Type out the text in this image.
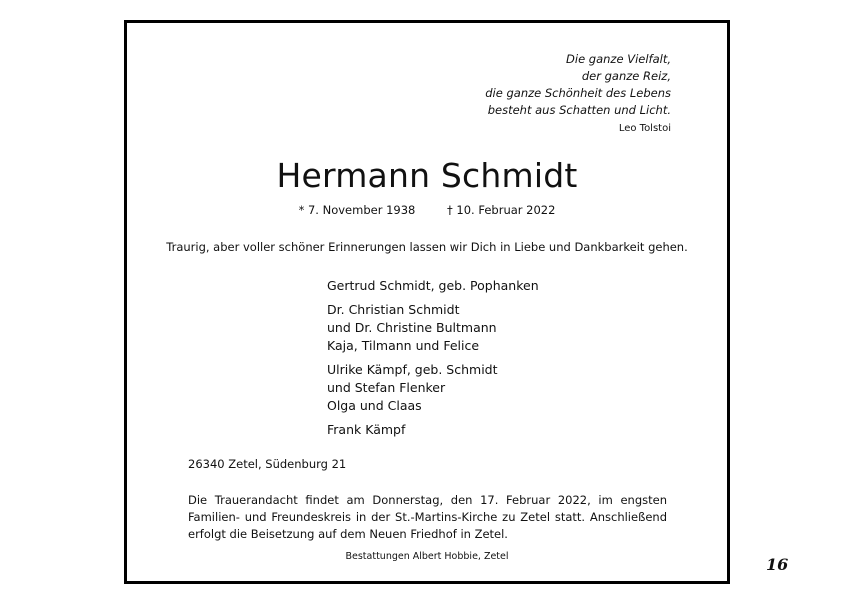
Die ganze Vielfalt,
der ganze Reiz,
die ganze Schönheit des Lebens
besteht aus Schatten und Licht.
Leo Tolstoi
Hermann Schmidt
* 7. November 1938	† 10. Februar 2022
Traurig, aber voller schöner Erinnerungen lassen wir Dich in Liebe und Dankbarkeit gehen.
Gertrud Schmidt, geb. Pophanken
Dr. Christian Schmidt
und Dr. Christine Bultmann
Kaja, Tilmann und Felice
Ulrike Kämpf, geb. Schmidt
und Stefan Flenker
Olga und Claas
Frank Kämpf
26340 Zetel, Südenburg 21
Die Trauerandacht findet am Donnerstag, den 17. Februar 2022, im engsten Familien- und Freundeskreis in der St.-Martins-Kirche zu Zetel statt. Anschließend erfolgt die Beisetzung auf dem Neuen Friedhof in Zetel.
Bestattungen Albert Hobbie, Zetel	16
